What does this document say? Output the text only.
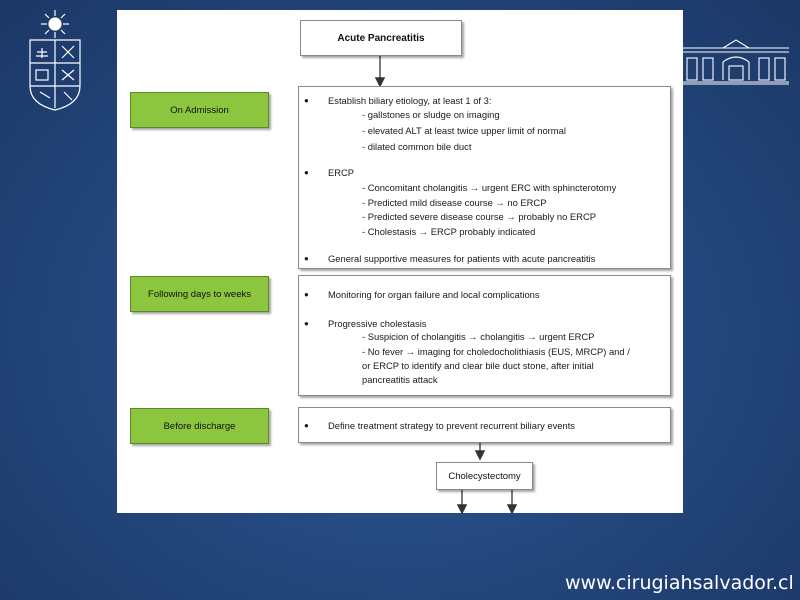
Acute Pancreatitis
On Admission
Following days to weeks
Before discharge
● Establish biliary etiology, at least 1 of 3:
- gallstones or sludge on imaging
- elevated ALT at least twice upper limit of normal
- dilated common bile duct
● ERCP
- Concomitant cholangitis → urgent ERC with sphincterotomy
- Predicted mild disease course → no ERCP
- Predicted severe disease course → probably no ERCP
- Cholestasis → ERCP probably indicated
● General supportive measures for patients with acute pancreatitis
● Monitoring for organ failure and local complications
● Progressive cholestasis
- Suspicion of cholangitis → cholangitis → urgent ERCP
- No fever → imaging for choledocholithiasis (EUS, MRCP) and /
or ERCP to identify and clear bile duct stone, after initial
pancreatitis attack
● Define treatment strategy to prevent recurrent biliary events
Cholecystectomy
www.cirugiahsalvador.cl
